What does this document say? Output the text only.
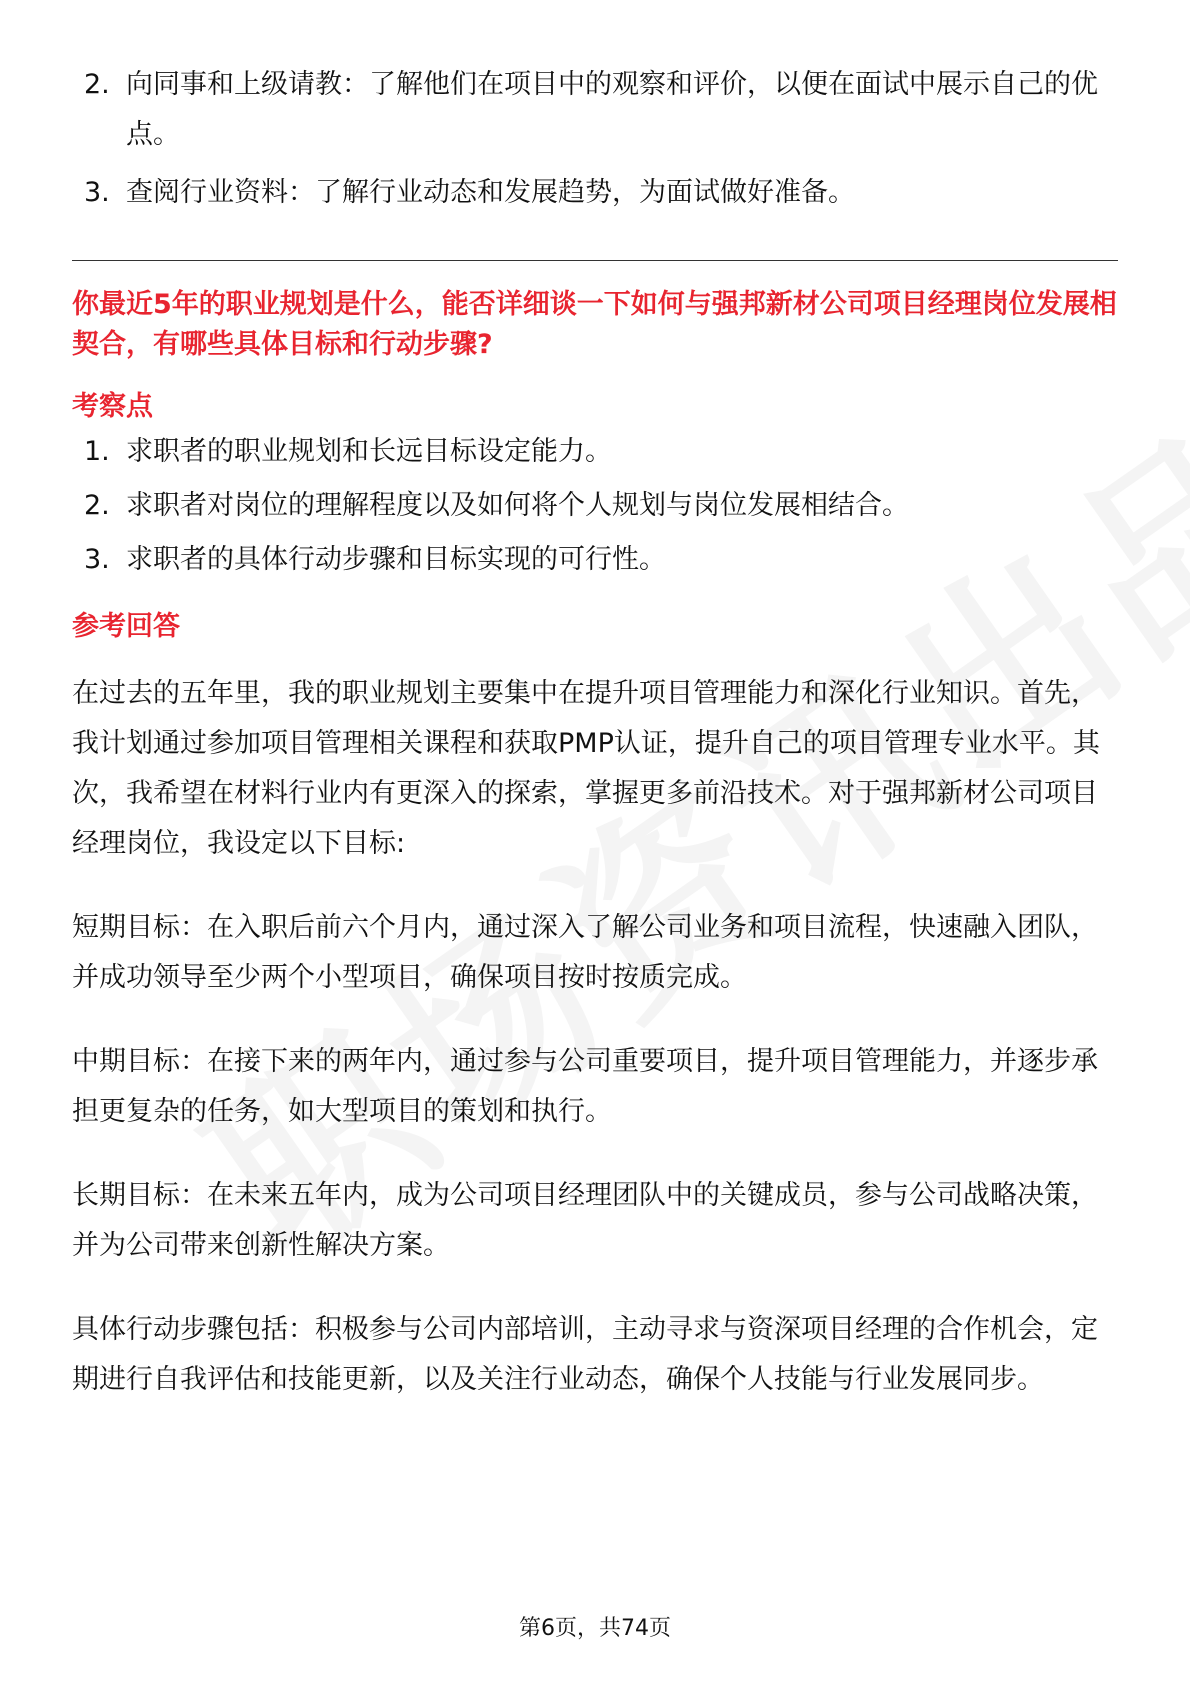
2. 向同事和上级请教：了解他们在项目中的观察和评价，以便在面试中展示自己的优点。
3. 查阅行业资料：了解行业动态和发展趋势，为面试做好准备。
你最近5年的职业规划是什么，能否详细谈一下如何与强邦新材公司项目经理岗位发展相契合，有哪些具体目标和行动步骤?
考察点
1. 求职者的职业规划和长远目标设定能力。
2. 求职者对岗位的理解程度以及如何将个人规划与岗位发展相结合。
3. 求职者的具体行动步骤和目标实现的可行性。
参考回答

在过去的五年里，我的职业规划主要集中在提升项目管理能力和深化行业知识。首先，我计划通过参加项目管理相关课程和获取PMP认证，提升自己的项目管理专业水平。其次，我希望在材料行业内有更深入的探索，掌握更多前沿技术。对于强邦新材公司项目经理岗位，我设定以下目标:

短期目标：在入职后前六个月内，通过深入了解公司业务和项目流程，快速融入团队，并成功领导至少两个小型项目，确保项目按时按质完成。

中期目标：在接下来的两年内，通过参与公司重要项目，提升项目管理能力，并逐步承担更复杂的任务，如大型项目的策划和执行。

长期目标：在未来五年内，成为公司项目经理团队中的关键成员，参与公司战略决策，并为公司带来创新性解决方案。

具体行动步骤包括：积极参与公司内部培训，主动寻求与资深项目经理的合作机会，定期进行自我评估和技能更新，以及关注行业动态，确保个人技能与行业发展同步。

第6页，共74页
